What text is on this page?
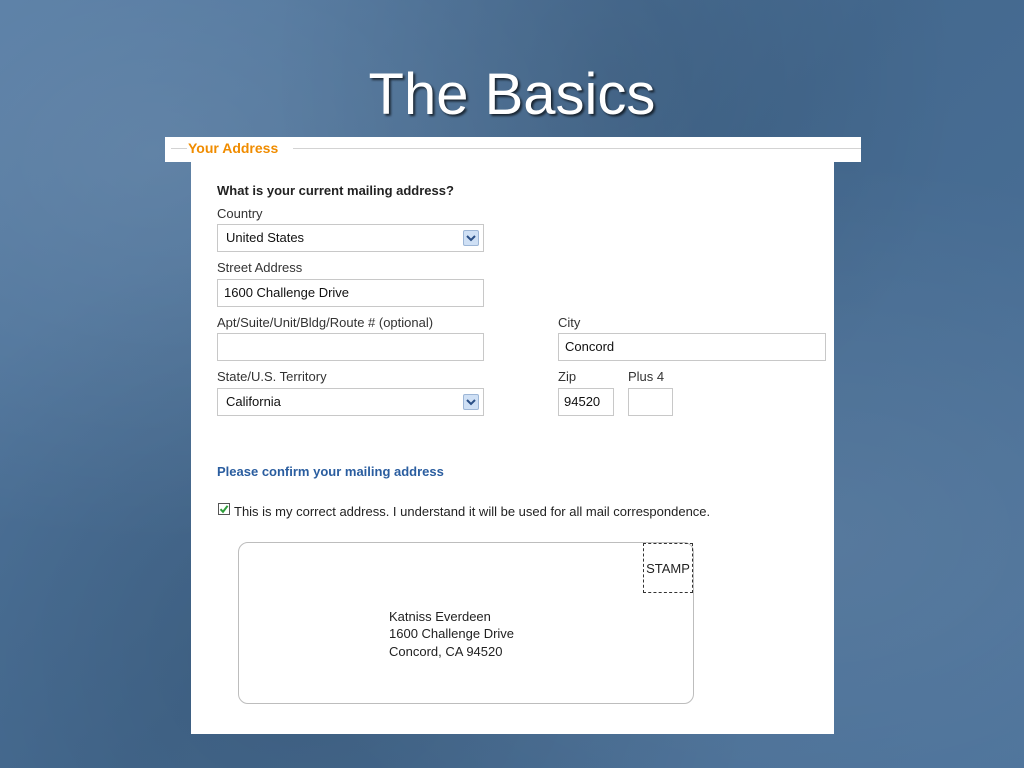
The Basics
Your Address
What is your current mailing address?
Country
United States
Street Address
1600 Challenge Drive
Apt/Suite/Unit/Bldg/Route # (optional)	City
Concord
State/U.S. Territory
California
Zip
94520
Plus 4
Please confirm your mailing address
This is my correct address. I understand it will be used for all mail correspondence.
STAMP
Katniss Everdeen
1600 Challenge Drive
Concord, CA 94520
